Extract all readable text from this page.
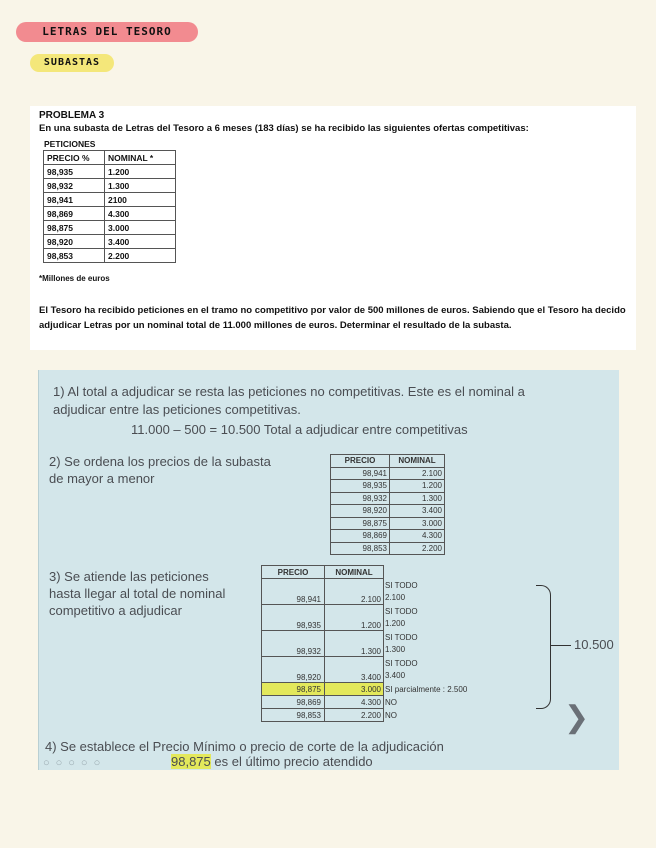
LETRAS DEL TESORO
SUBASTAS
PROBLEMA 3
En una subasta de Letras del Tesoro a 6 meses (183 días) se ha recibido las siguientes ofertas competitivas:
PETICIONES
PRECIO %	NOMINAL *
98,935	1.200
98,932	1.300
98,941	2100
98,869	4.300
98,875	3.000
98,920	3.400
98,853	2.200
*Millones de euros
El Tesoro ha recibido peticiones en el tramo no competitivo por valor de 500 millones de euros. Sabiendo que el Tesoro ha decido adjudicar Letras por un nominal total de 11.000 millones de euros. Determinar el resultado de la subasta.
1) Al total a adjudicar se resta las peticiones no competitivas. Este es el nominal a
adjudicar entre las peticiones competitivas.
11.000 – 500 = 10.500 Total a adjudicar entre competitivas
2) Se ordena los precios de la subasta
de mayor a menor
PRECIO	NOMINAL
98,941	2.100
98,935	1.200
98,932	1.300
98,920	3.400
98,875	3.000
98,869	4.300
98,853	2.200
3) Se atiende las peticiones
hasta llegar al total de nominal
competitivo a adjudicar
PRECIO	NOMINAL	
98,941	2.100	SI TODO
2.100

98,935	1.200	SI TODO
1.200

98,932	1.300	SI TODO
1.300

98,920	3.400	SI TODO
3.400

98,875	3.000	SI parcialmente : 2.500
98,869	4.300	NO
98,853	2.200	NO
10.500
❯
4) Se establece el Precio Mínimo o precio de corte de la adjudicación
98,875 es el último precio atendido
○○○○○
